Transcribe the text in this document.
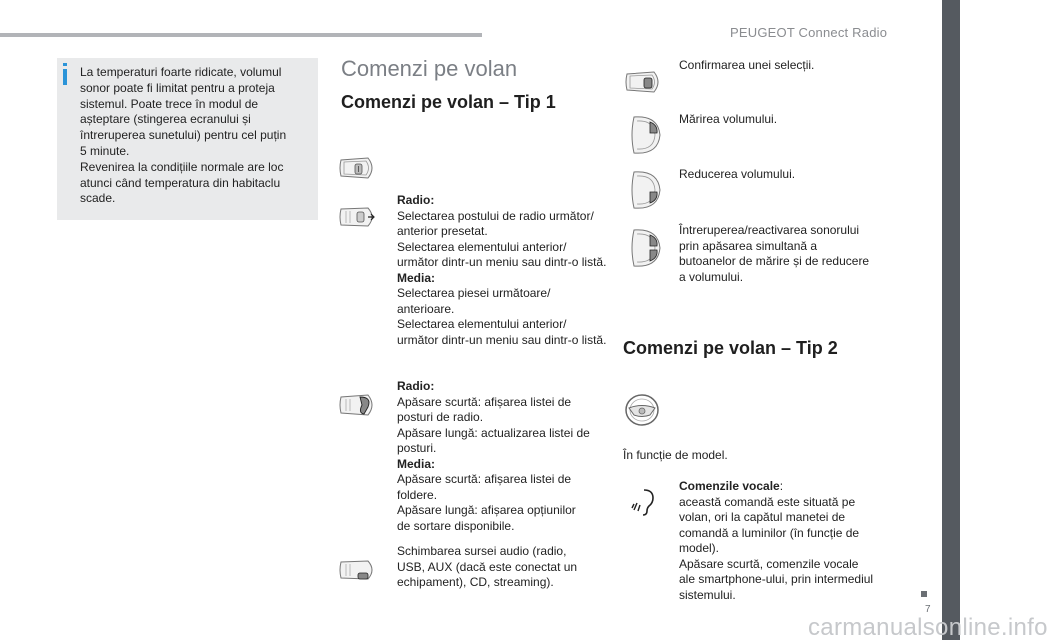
PEUGEOT Connect Radio
7
La temperaturi foarte ridicate, volumul
sonor poate fi limitat pentru a proteja
sistemul. Poate trece în modul de
așteptare (stingerea ecranului și
întreruperea sunetului) pentru cel puțin
5 minute.
Revenirea la condițiile normale are loc
atunci când temperatura din habitaclu
scade.
Comenzi pe volan
Comenzi pe volan – Tip 1
Radio:
Selectarea postului de radio următor/
anterior presetat.
Selectarea elementului anterior/
următor dintr-un meniu sau dintr-o listă.
Media:
Selectarea piesei următoare/
anterioare.
Selectarea elementului anterior/
următor dintr-un meniu sau dintr-o listă.
Radio:
Apăsare scurtă: afișarea listei de
posturi de radio.
Apăsare lungă: actualizarea listei de
posturi.
Media:
Apăsare scurtă: afișarea listei de
foldere.
Apăsare lungă: afișarea opțiunilor
de sortare disponibile.
Schimbarea sursei audio (radio,
USB, AUX (dacă este conectat un
echipament), CD, streaming).
Confirmarea unei selecții.
Mărirea volumului.
Reducerea volumului.
Întreruperea/reactivarea sonorului
prin apăsarea simultană a
butoanelor de mărire și de reducere
a volumului.
Comenzi pe volan – Tip 2
În funcție de model.
Comenzile vocale:
această comandă este situată pe
volan, ori la capătul manetei de
comandă a luminilor (în funcție de
model).
Apăsare scurtă, comenzile vocale
ale smartphone-ului, prin intermediul
sistemului.
carmanualsonline.info
